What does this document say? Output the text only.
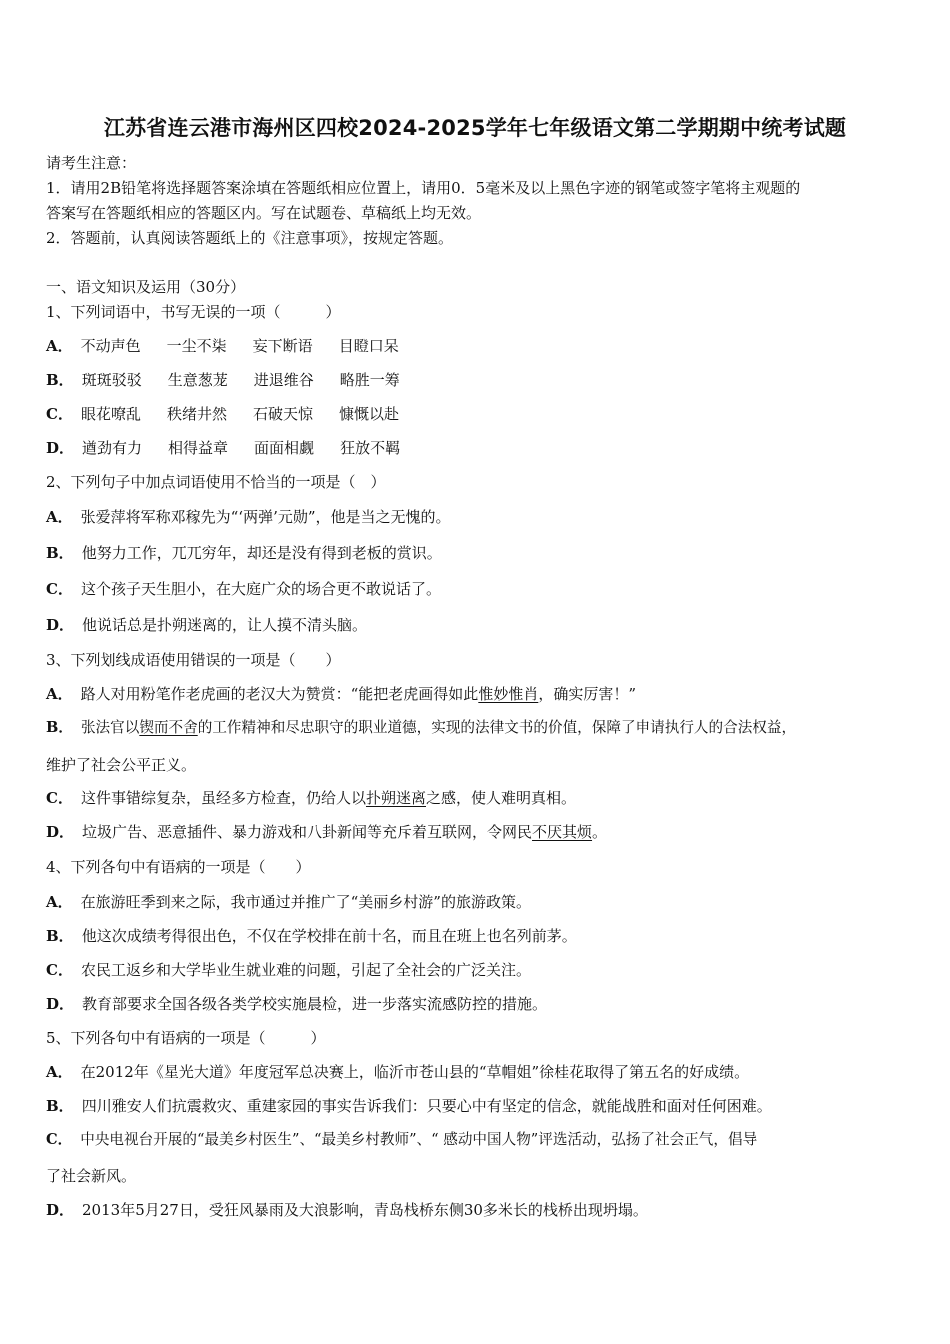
江苏省连云港市海州区四校2024-2025学年七年级语文第二学期期中统考试题
请考生注意：
1．请用2B铅笔将选择题答案涂填在答题纸相应位置上，请用0．5毫米及以上黑色字迹的钢笔或签字笔将主观题的
答案写在答题纸相应的答题区内。写在试题卷、草稿纸上均无效。
2．答题前，认真阅读答题纸上的《注意事项》，按规定答题。
一、语文知识及运用（30分）
1、下列词语中，书写无误的一项（　　　）
A． 不动声色 一尘不柒 妄下断语 目瞪口呆
B． 斑斑驳驳 生意葱茏 进退维谷 略胜一筹
C． 眼花嘹乱 秩绪井然 石破天惊 慷慨以赴
D． 遒劲有力 相得益章 面面相觑 狂放不羁
2、下列句子中加点词语使用不恰当的一项是（　）
A． 张爱萍将军称邓稼先为“‘两弹’元勋”，他是当之无愧的。
B． 他努力工作，兀兀穷年，却还是没有得到老板的赏识。
C． 这个孩子天生胆小，在大庭广众的场合更不敢说话了。
D． 他说话总是扑朔迷离的，让人摸不清头脑。
3、下列划线成语使用错误的一项是（　　）
A． 路人对用粉笔作老虎画的老汉大为赞赏：“能把老虎画得如此惟妙惟肖，确实厉害！”
B． 张法官以锲而不舍的工作精神和尽忠职守的职业道德，实现的法律文书的价值，保障了申请执行人的合法权益，
维护了社会公平正义。
C． 这件事错综复杂，虽经多方检查，仍给人以扑朔迷离之感，使人难明真相。
D． 垃圾广告、恶意插件、暴力游戏和八卦新闻等充斥着互联网，令网民不厌其烦。
4、下列各句中有语病的一项是（　　）
A． 在旅游旺季到来之际，我市通过并推广了“美丽乡村游”的旅游政策。
B． 他这次成绩考得很出色，不仅在学校排在前十名，而且在班上也名列前茅。
C． 农民工返乡和大学毕业生就业难的问题，引起了全社会的广泛关注。
D． 教育部要求全国各级各类学校实施晨检，进一步落实流感防控的措施。
5、下列各句中有语病的一项是（　　　）
A． 在2012年《星光大道》年度冠军总决赛上，临沂市苍山县的“草帽姐”徐桂花取得了第五名的好成绩。
B． 四川雅安人们抗震救灾、重建家园的事实告诉我们：只要心中有坚定的信念，就能战胜和面对任何困难。
C． 中央电视台开展的“最美乡村医生”、“最美乡村教师”、“ 感动中国人物”评选活动，弘扬了社会正气，倡导
了社会新风。
D． 2013年5月27日，受狂风暴雨及大浪影响，青岛栈桥东侧30多米长的栈桥出现坍塌。
